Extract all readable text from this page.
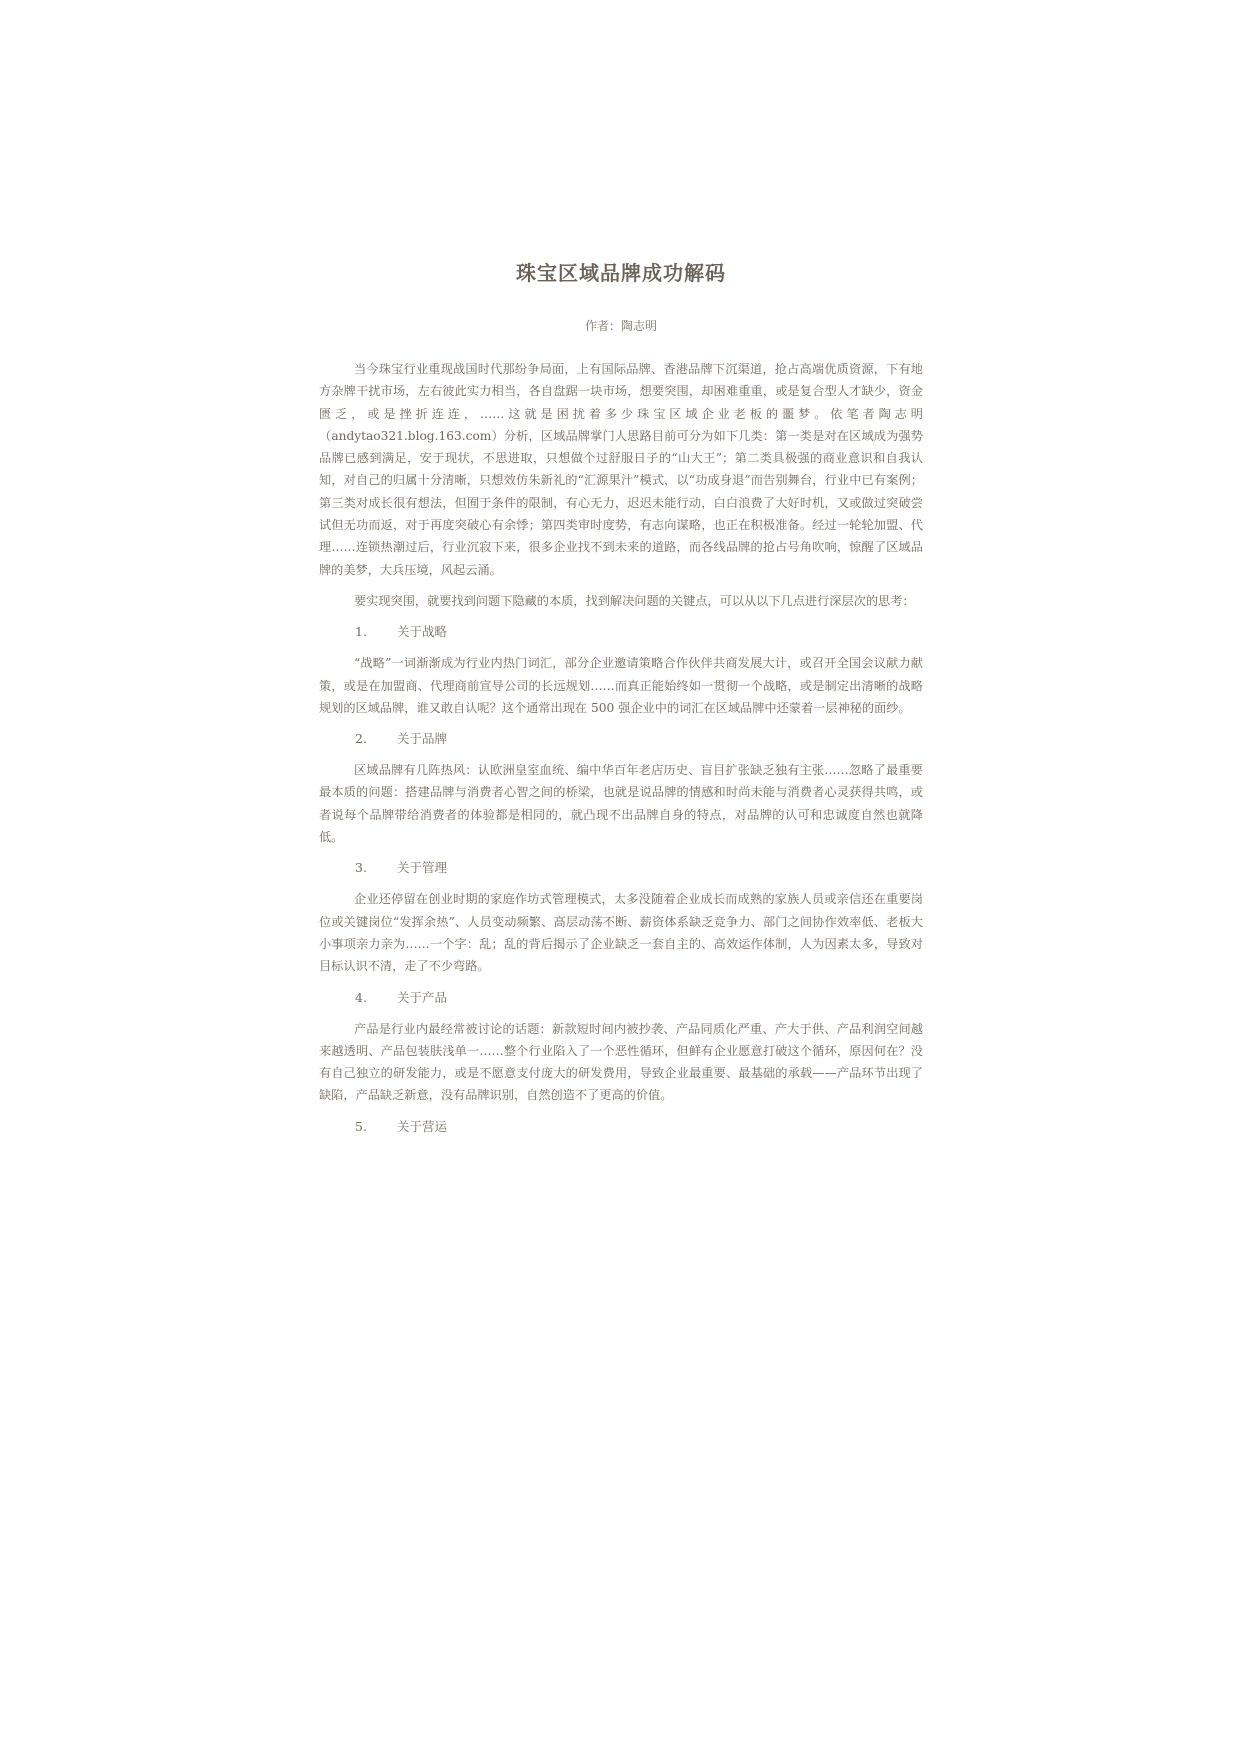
珠宝区域品牌成功解码
作者：陶志明

当今珠宝行业重现战国时代那纷争局面，上有国际品牌、香港品牌下沉渠道，抢占高端优质资源，下有地方杂牌干扰市场，左右彼此实力相当，各自盘踞一块市场，想要突围，却困难重重，或是复合型人才缺少，资金匮乏，或是挫折连连，……这就是困扰着多少珠宝区域企业老板的噩梦。依笔者陶志明（andytao321.blog.163.com）分析，区域品牌掌门人思路目前可分为如下几类：第一类是对在区域成为强势品牌已感到满足，安于现状，不思进取，只想做个过舒服日子的“山大王”；第二类具极强的商业意识和自我认知，对自己的归属十分清晰，只想效仿朱新礼的“汇源果汁”模式，以“功成身退”而告别舞台，行业中已有案例；第三类对成长很有想法，但囿于条件的限制，有心无力，迟迟未能行动，白白浪费了大好时机，又或做过突破尝试但无功而返，对于再度突破心有余悸；第四类审时度势，有志向谋略，也正在积极准备。经过一轮轮加盟、代理……连锁热潮过后，行业沉寂下来，很多企业找不到未来的道路，而各线品牌的抢占号角吹响，惊醒了区域品牌的美梦，大兵压境，风起云涌。

要实现突围，就要找到问题下隐藏的本质，找到解决问题的关键点，可以从以下几点进行深层次的思考：

1.	关于战略

“战略”一词渐渐成为行业内热门词汇，部分企业邀请策略合作伙伴共商发展大计，或召开全国会议献力献策，或是在加盟商、代理商前宣导公司的长远规划……而真正能始终如一贯彻一个战略，或是制定出清晰的战略规划的区域品牌，谁又敢自认呢？这个通常出现在 500 强企业中的词汇在区域品牌中还蒙着一层神秘的面纱。

2.	关于品牌

区域品牌有几阵热风：认欧洲皇室血统、编中华百年老店历史、盲目扩张缺乏独有主张……忽略了最重要最本质的问题：搭建品牌与消费者心智之间的桥梁，也就是说品牌的情感和时尚未能与消费者心灵获得共鸣，或者说每个品牌带给消费者的体验都是相同的，就凸现不出品牌自身的特点，对品牌的认可和忠诚度自然也就降低。

3.	关于管理

企业还停留在创业时期的家庭作坊式管理模式，太多没随着企业成长而成熟的家族人员或亲信还在重要岗位或关键岗位“发挥余热”、人员变动频繁、高层动荡不断、薪资体系缺乏竞争力、部门之间协作效率低、老板大小事项亲力亲为……一个字：乱；乱的背后揭示了企业缺乏一套自主的、高效运作体制，人为因素太多，导致对目标认识不清，走了不少弯路。

4.	关于产品

产品是行业内最经常被讨论的话题：新款短时间内被抄袭、产品同质化严重、产大于供、产品利润空间越来越透明、产品包装肤浅单一……整个行业陷入了一个恶性循环，但鲜有企业愿意打破这个循环，原因何在？没有自己独立的研发能力，或是不愿意支付庞大的研发费用，导致企业最重要、最基础的承载——产品环节出现了缺陷，产品缺乏新意，没有品牌识别，自然创造不了更高的价值。

5.	关于营运
